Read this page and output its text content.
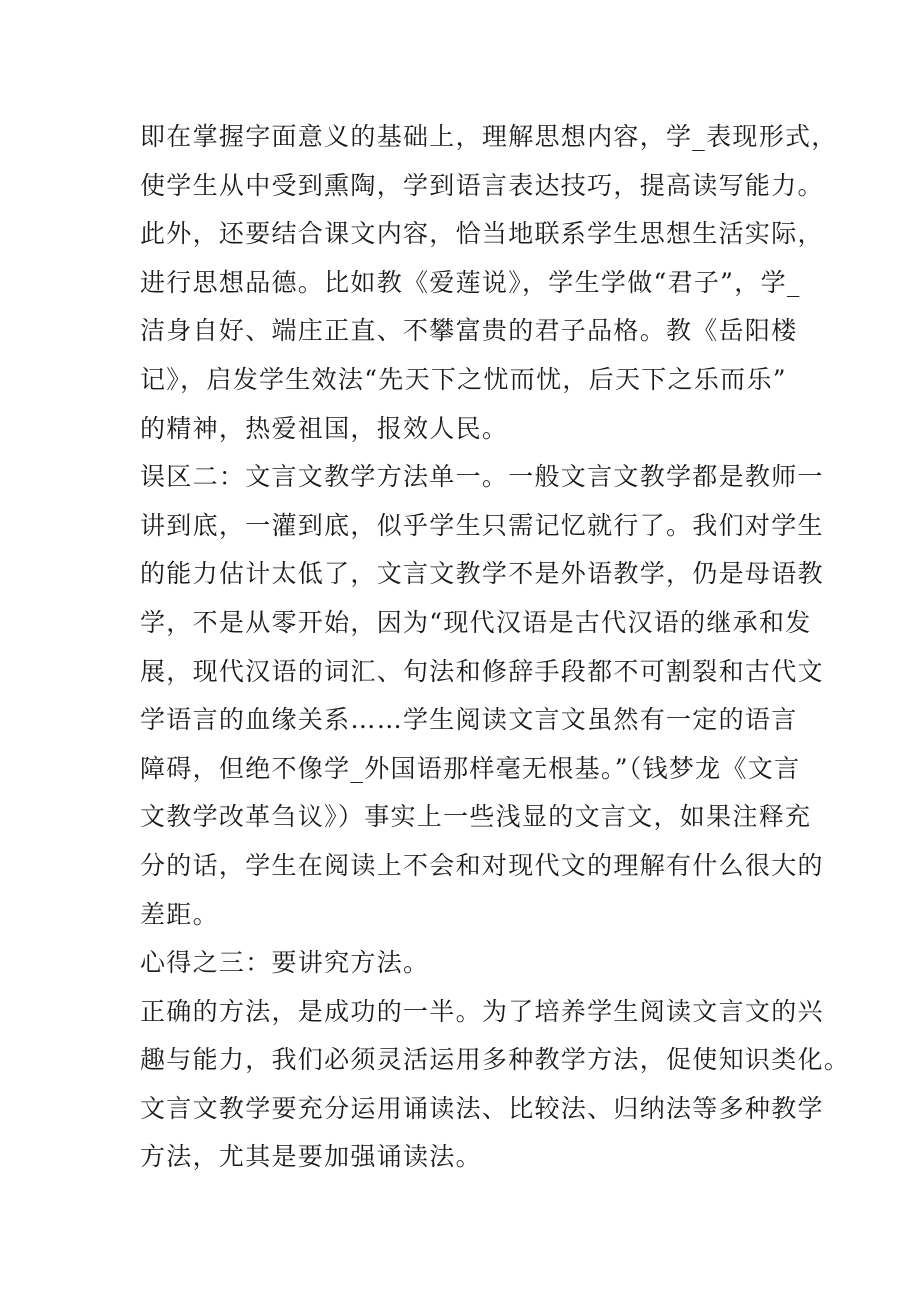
即在掌握字面意义的基础上，理解思想内容，学_表现形式，
使学生从中受到熏陶，学到语言表达技巧，提高读写能力。
此外，还要结合课文内容，恰当地联系学生思想生活实际，
进行思想品德。比如教《爱莲说》，学生学做“君子”，学_
洁身自好、端庄正直、不攀富贵的君子品格。教《岳阳楼
记》，启发学生效法“先天下之忧而忧，后天下之乐而乐”
的精神，热爱祖国，报效人民。
误区二：文言文教学方法单一。一般文言文教学都是教师一
讲到底，一灌到底，似乎学生只需记忆就行了。我们对学生
的能力估计太低了，文言文教学不是外语教学，仍是母语教
学，不是从零开始，因为“现代汉语是古代汉语的继承和发
展，现代汉语的词汇、句法和修辞手段都不可割裂和古代文
学语言的血缘关系……学生阅读文言文虽然有一定的语言
障碍，但绝不像学_外国语那样毫无根基。”（钱梦龙《文言
文教学改革刍议》）事实上一些浅显的文言文，如果注释充
分的话，学生在阅读上不会和对现代文的理解有什么很大的
差距。
心得之三：要讲究方法。
正确的方法，是成功的一半。为了培养学生阅读文言文的兴
趣与能力，我们必须灵活运用多种教学方法，促使知识类化。
文言文教学要充分运用诵读法、比较法、归纳法等多种教学
方法，尤其是要加强诵读法。
